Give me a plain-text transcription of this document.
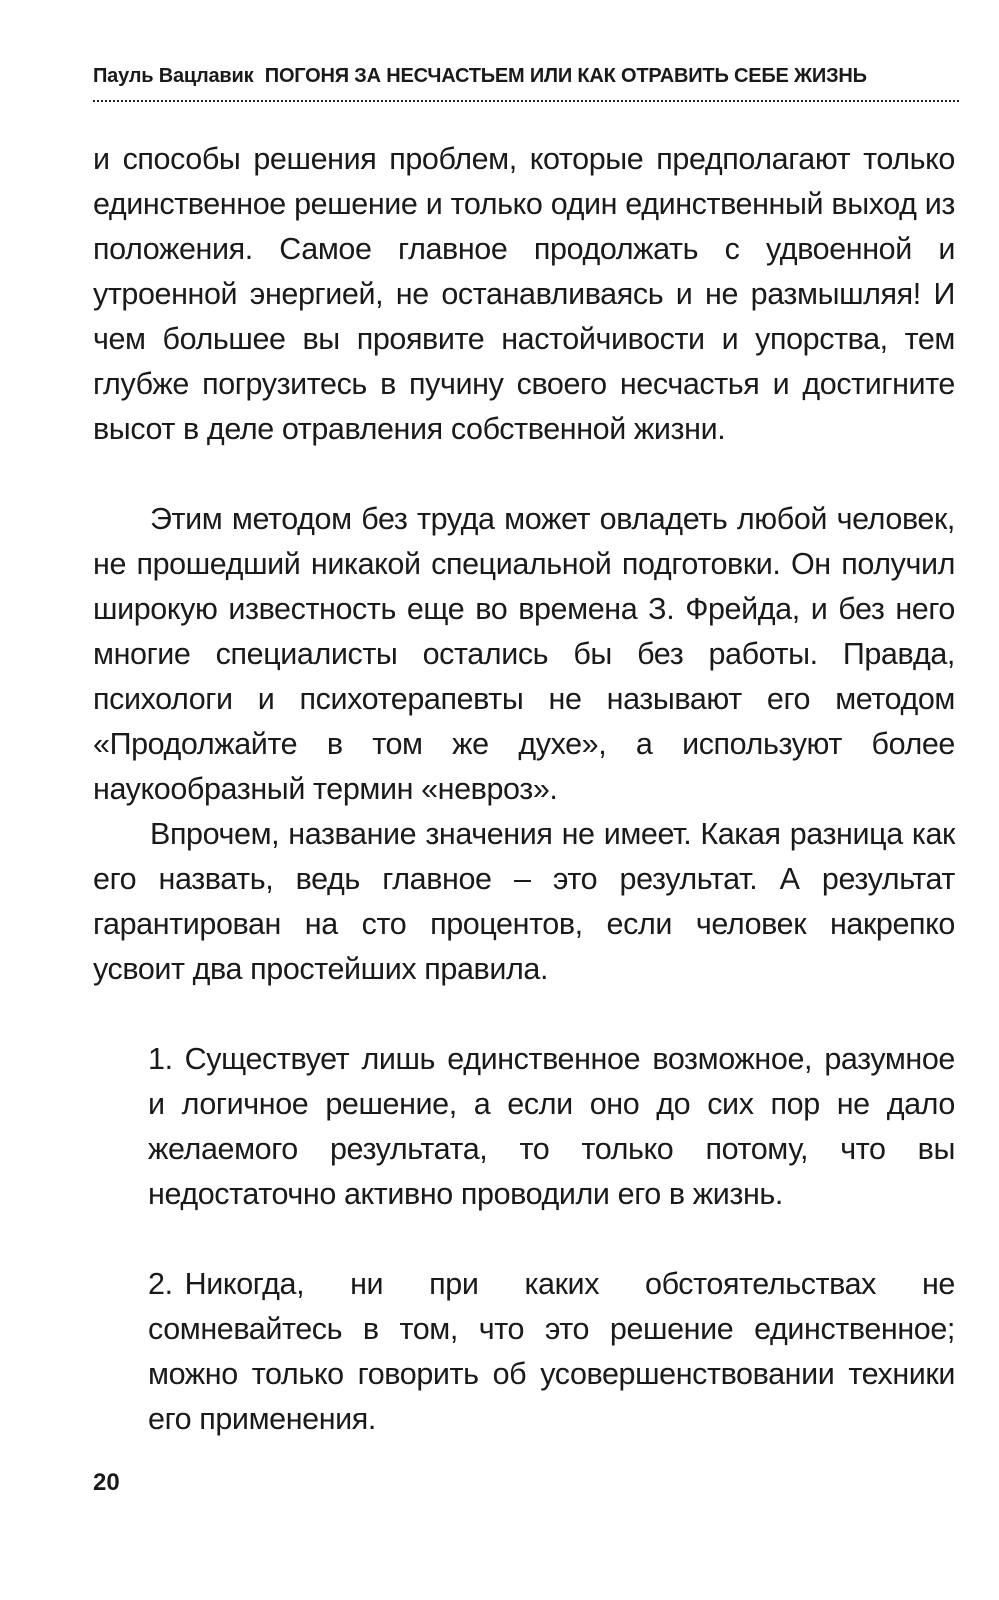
Пауль Вацлавик ПОГОНЯ ЗА НЕСЧАСТЬЕМ ИЛИ КАК ОТРАВИТЬ СЕБЕ ЖИЗНЬ

и способы решения проблем, которые предполагают только единственное решение и только один единственный выход из положения. Самое главное продолжать с удвоенной и утроенной энергией, не останавливаясь и не размышляя! И чем большее вы проявите настойчивости и упорства, тем глубже погрузитесь в пучину своего несчастья и достигните высот в деле отравления собственной жизни.

Этим методом без труда может овладеть любой человек, не прошедший никакой специальной подготовки. Он получил широкую известность еще во времена З. Фрейда, и без него многие специалисты остались бы без работы. Правда, психологи и психотерапевты не называют его методом «Продолжайте в том же духе», а используют более наукообразный термин «невроз».

Впрочем, название значения не имеет. Какая разница как его назвать, ведь главное – это результат. А результат гарантирован на сто процентов, если человек накрепко усвоит два простейших правила.

1. Существует лишь единственное возможное, разумное и логичное решение, а если оно до сих пор не дало желаемого результата, то только потому, что вы недостаточно активно проводили его в жизнь.
2. Никогда, ни при каких обстоятельствах не сомневайтесь в том, что это решение единственное; можно только говорить об усовершенствовании техники его применения.
20
